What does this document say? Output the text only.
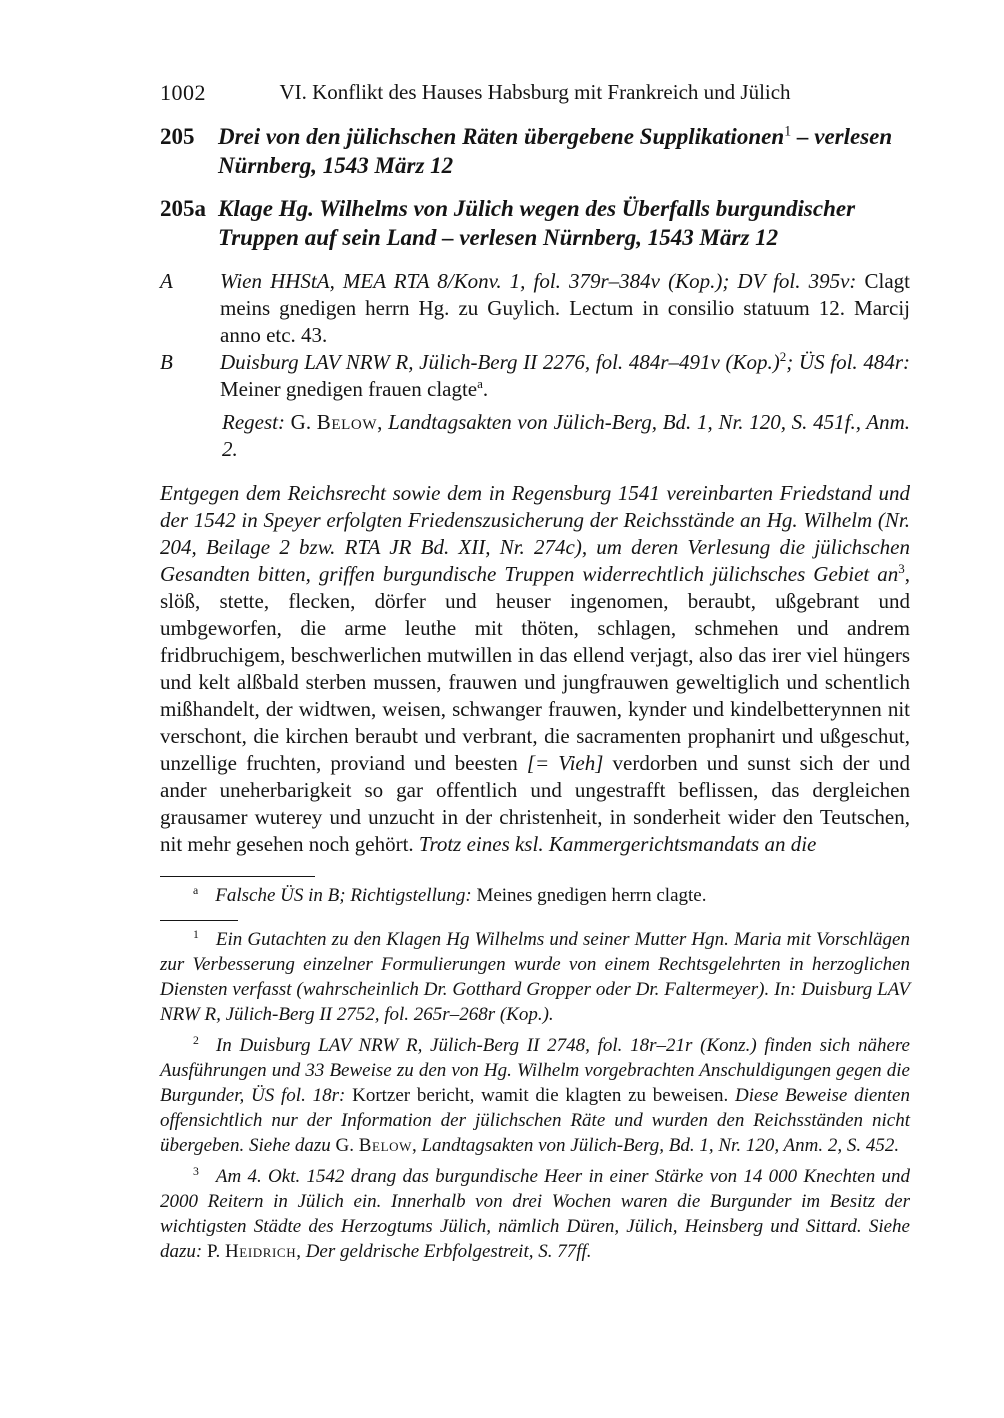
1002	VI. Konflikt des Hauses Habsburg mit Frankreich und Jülich
205	Drei von den jülichschen Räten übergebene Supplikationen$^1$ – verlesen Nürnberg, 1543 März 12
205a Klage Hg. Wilhelms von Jülich wegen des Überfalls burgundischer Truppen auf sein Land – verlesen Nürnberg, 1543 März 12
A	Wien HHStA, MEA RTA 8/Konv. 1, fol. 379r–384v (Kop.); DV fol. 395v: Clagt meins gnedigen herrn Hg. zu Guylich. Lectum in consilio statuum 12. Marcij anno etc. 43.
B	Duisburg LAV NRW R, Jülich-Berg II 2276, fol. 484r–491v $(Kop.)^2$; ÜS fol. 484r: Meiner gnedigen frauen clagte$^a$.
Regest: G. Below, Landtagsakten von Jülich-Berg, Bd. 1, Nr. 120, S. 451f., Anm. 2.
Entgegen dem Reichsrecht sowie dem in Regensburg 1541 vereinbarten Friedstand und der 1542 in Speyer erfolgten Friedenszusicherung der Reichsstände an Hg. Wilhelm (Nr. 204, Beilage 2 bzw. RTA JR Bd. XII, Nr. 274c), um deren Verlesung die jülichschen Gesandten bitten, griffen burgundische Truppen widerrechtlich jülichsches Gebiet $an^3$, slöß, stette, flecken, dörfer und heuser ingenomen, beraubt, ußgebrant und umbgeworfen, die arme leuthe mit thöten, schlagen, schmehen und andrem fridbruchigem, beschwerlichen mutwillen in das ellend verjagt, also das irer viel hüngers und kelt alßbald sterben mussen, frauwen und jungfrauwen geweltiglich und schentlich mißhandelt, der widtwen, weisen, schwanger frauwen, kynder und kindelbetterynnen nit verschont, die kirchen beraubt und verbrant, die sacramenten prophanirt und ußgeschut, unzellige fruchten, proviand und beesten [= Vieh] verdorben und sunst sich der und ander uneherbarigkeit so gar offentlich und ungestrafft beflissen, das dergleichen grausamer wuterey und unzucht in der christenheit, in sonderheit wider den Teutschen, nit mehr gesehen noch gehört. Trotz eines ksl. Kammergerichtsmandats an die

$^a$ Falsche ÜS in B; Richtigstellung: Meines gnedigen herrn clagte.

$^1$ Ein Gutachten zu den Klagen Hg Wilhelms und seiner Mutter Hgn. Maria mit Vorschlägen zur Verbesserung einzelner Formulierungen wurde von einem Rechtsgelehrten in herzoglichen Diensten verfasst (wahrscheinlich Dr. Gotthard Gropper oder Dr. Faltermeyer). In: Duisburg LAV NRW R, Jülich-Berg II 2752, fol. 265r–268r (Kop.).

$^2$ In Duisburg LAV NRW R, Jülich-Berg II 2748, fol. 18r–21r (Konz.) finden sich nähere Ausführungen und 33 Beweise zu den von Hg. Wilhelm vorgebrachten Anschuldigungen gegen die Burgunder, ÜS fol. 18r: Kortzer bericht, wamit die klagten zu beweisen. Diese Beweise dienten offensichtlich nur der Information der jülichschen Räte und wurden den Reichsständen nicht übergeben. Siehe dazu G. Below, Landtagsakten von Jülich-Berg, Bd. 1, Nr. 120, Anm. 2, S. 452.

$^3$ Am 4. Okt. 1542 drang das burgundische Heer in einer Stärke von 14 000 Knechten und 2000 Reitern in Jülich ein. Innerhalb von drei Wochen waren die Burgunder im Besitz der wichtigsten Städte des Herzogtums Jülich, nämlich Düren, Jülich, Heinsberg und Sittard. Siehe dazu: P. Heidrich, Der geldrische Erbfolgestreit, S. 77ff.
